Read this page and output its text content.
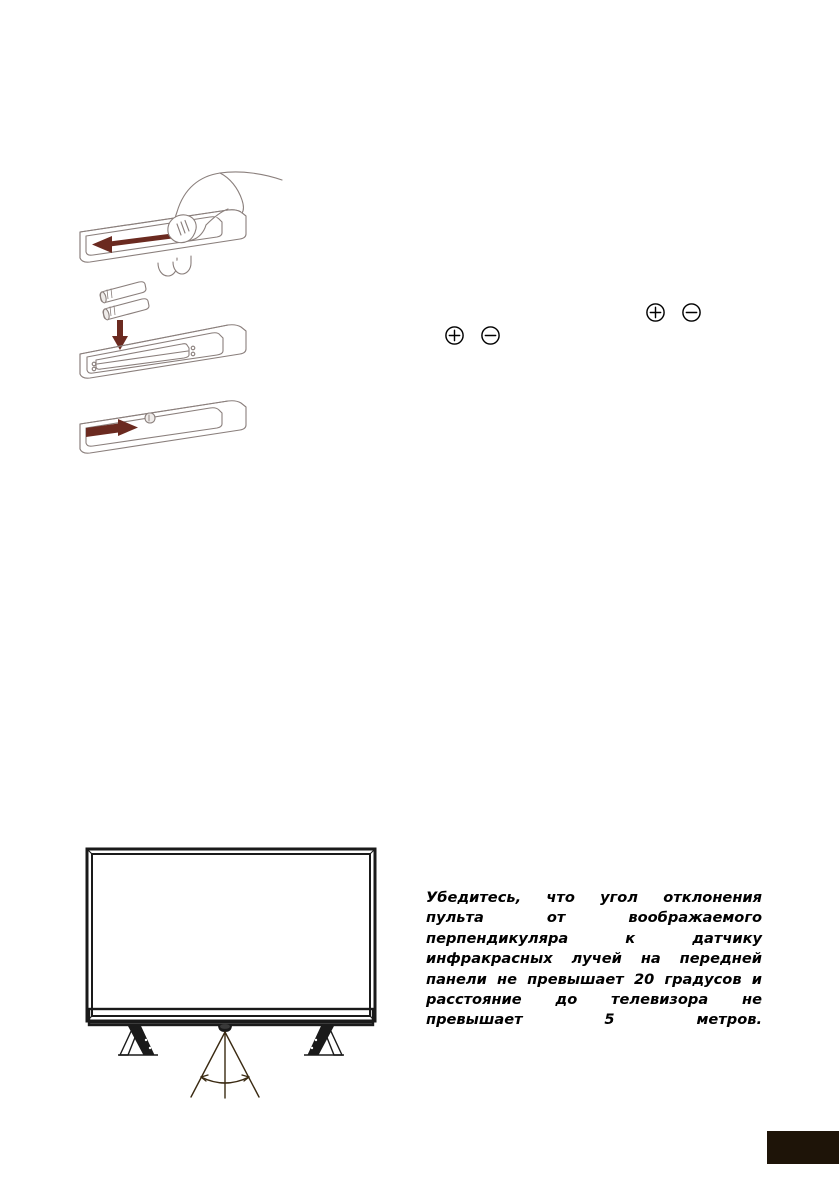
Убедитесь, что угол отклонения пульта от воображаемого перпендикуляра к датчику инфракрасных лучей на передней панели не превышает 20 градусов и расстояние до телевизора не превышает 5 метров.
